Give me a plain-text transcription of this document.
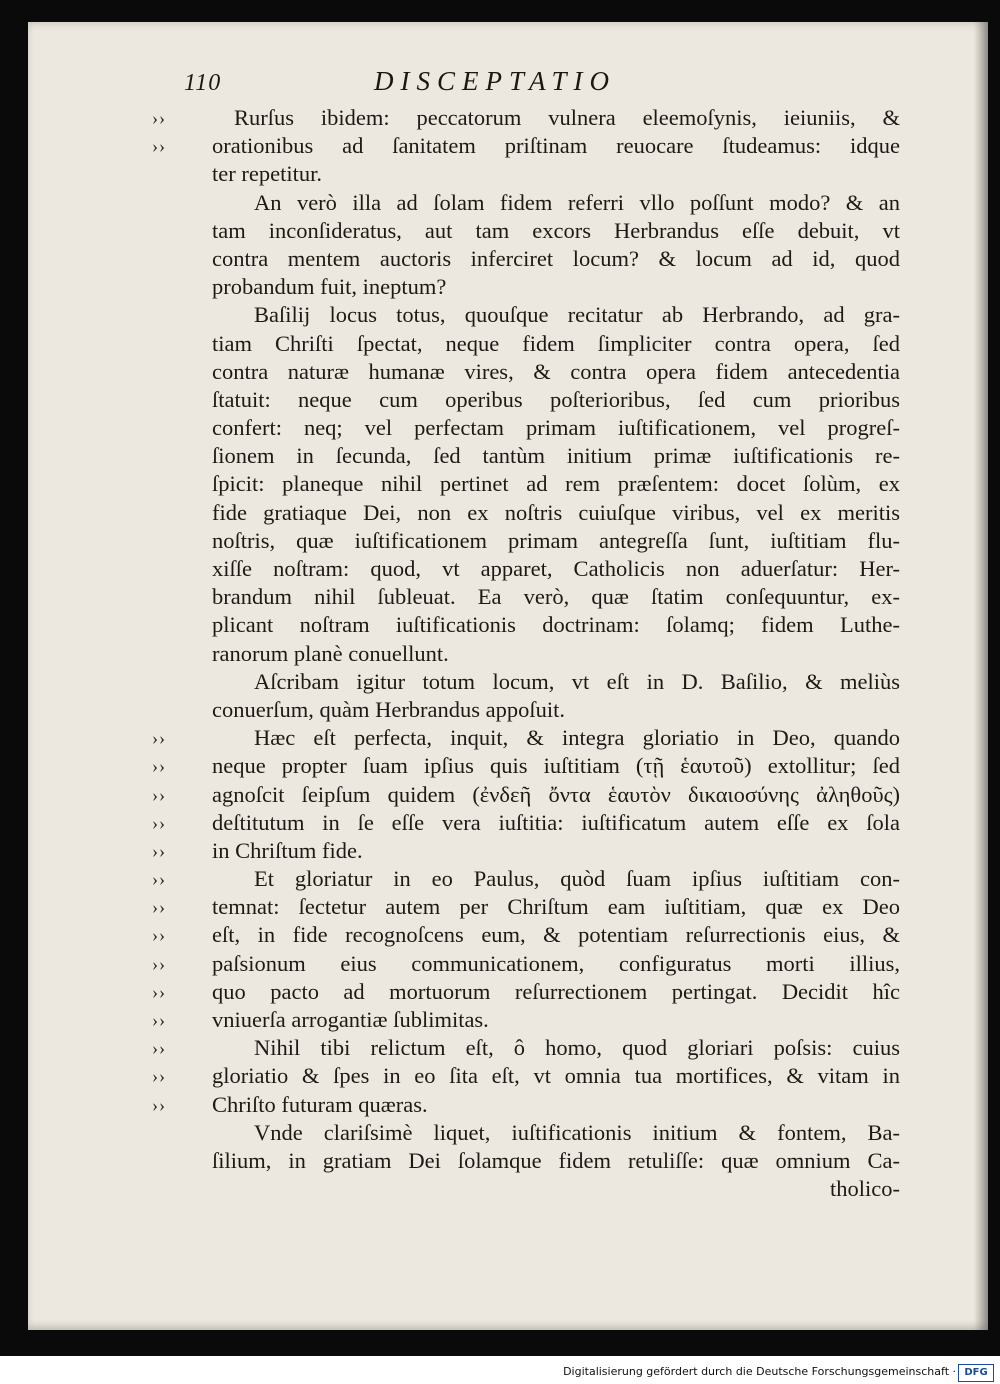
110	DISCEPTATIO
››	Rurſus ibidem: peccatorum vulnera eleemoſynis, ieiuniis, &
››	orationibus ad ſanitatem priſtinam reuocare ſtudeamus: idque
ter repetitur.
An verò illa ad ſolam fidem referri vllo poſſunt modo? & an
tam inconſideratus, aut tam excors Herbrandus eſſe debuit, vt
contra mentem auctoris inferciret locum? & locum ad id, quod
probandum fuit, ineptum?
Baſilij locus totus, quouſque recitatur ab Herbrando, ad gra-
tiam Chriſti ſpectat, neque fidem ſimpliciter contra opera, ſed
contra naturæ humanæ vires, & contra opera fidem antecedentia
ſtatuit: neque cum operibus poſterioribus, ſed cum prioribus
confert: neq; vel perfectam primam iuſtificationem, vel progreſ-
ſionem in ſecunda, ſed tantùm initium primæ iuſtificationis re-
ſpicit: planeque nihil pertinet ad rem præſentem: docet ſolùm, ex
fide gratiaque Dei, non ex noſtris cuiuſque viribus, vel ex meritis
noſtris, quæ iuſtificationem primam antegreſſa ſunt, iuſtitiam flu-
xiſſe noſtram: quod, vt apparet, Catholicis non aduerſatur: Her-
brandum nihil ſubleuat. Ea verò, quæ ſtatim conſequuntur, ex-
plicant noſtram iuſtificationis doctrinam: ſolamq; fidem Luthe-
ranorum planè conuellunt.
Aſcribam igitur totum locum, vt eſt in D. Baſilio, & meliùs
conuerſum, quàm Herbrandus appoſuit.
››	Hæc eſt perfecta, inquit, & integra gloriatio in Deo, quando
››	neque propter ſuam ipſius quis iuſtitiam (τῇ ἑαυτοῦ) extollitur; ſed
››	agnoſcit ſeipſum quidem (ἐνδεῆ ὄντα ἑαυτὸν δικαιοσύνης ἀληθοῦς)
››	deſtitutum in ſe eſſe vera iuſtitia: iuſtificatum autem eſſe ex ſola
››	in Chriſtum fide.
››	Et gloriatur in eo Paulus, quòd ſuam ipſius iuſtitiam con-
››	temnat: ſectetur autem per Chriſtum eam iuſtitiam, quæ ex Deo
››	eſt, in fide recognoſcens eum, & potentiam reſurrectionis eius, &
››	paſsionum eius communicationem, configuratus morti illius,
››	quo pacto ad mortuorum reſurrectionem pertingat. Decidit hîc
››	vniuerſa arrogantiæ ſublimitas.
››	Nihil tibi relictum eſt, ô homo, quod gloriari poſsis: cuius
››	gloriatio & ſpes in eo ſita eſt, vt omnia tua mortifices, & vitam in
››	Chriſto futuram quæras.
Vnde clariſsimè liquet, iuſtificationis initium & fontem, Ba-
ſilium, in gratiam Dei ſolamque fidem retuliſſe: quæ omnium Ca-
tholico-
Digitalisierung gefördert durch die Deutsche Forschungsgemeinschaft · DFG
